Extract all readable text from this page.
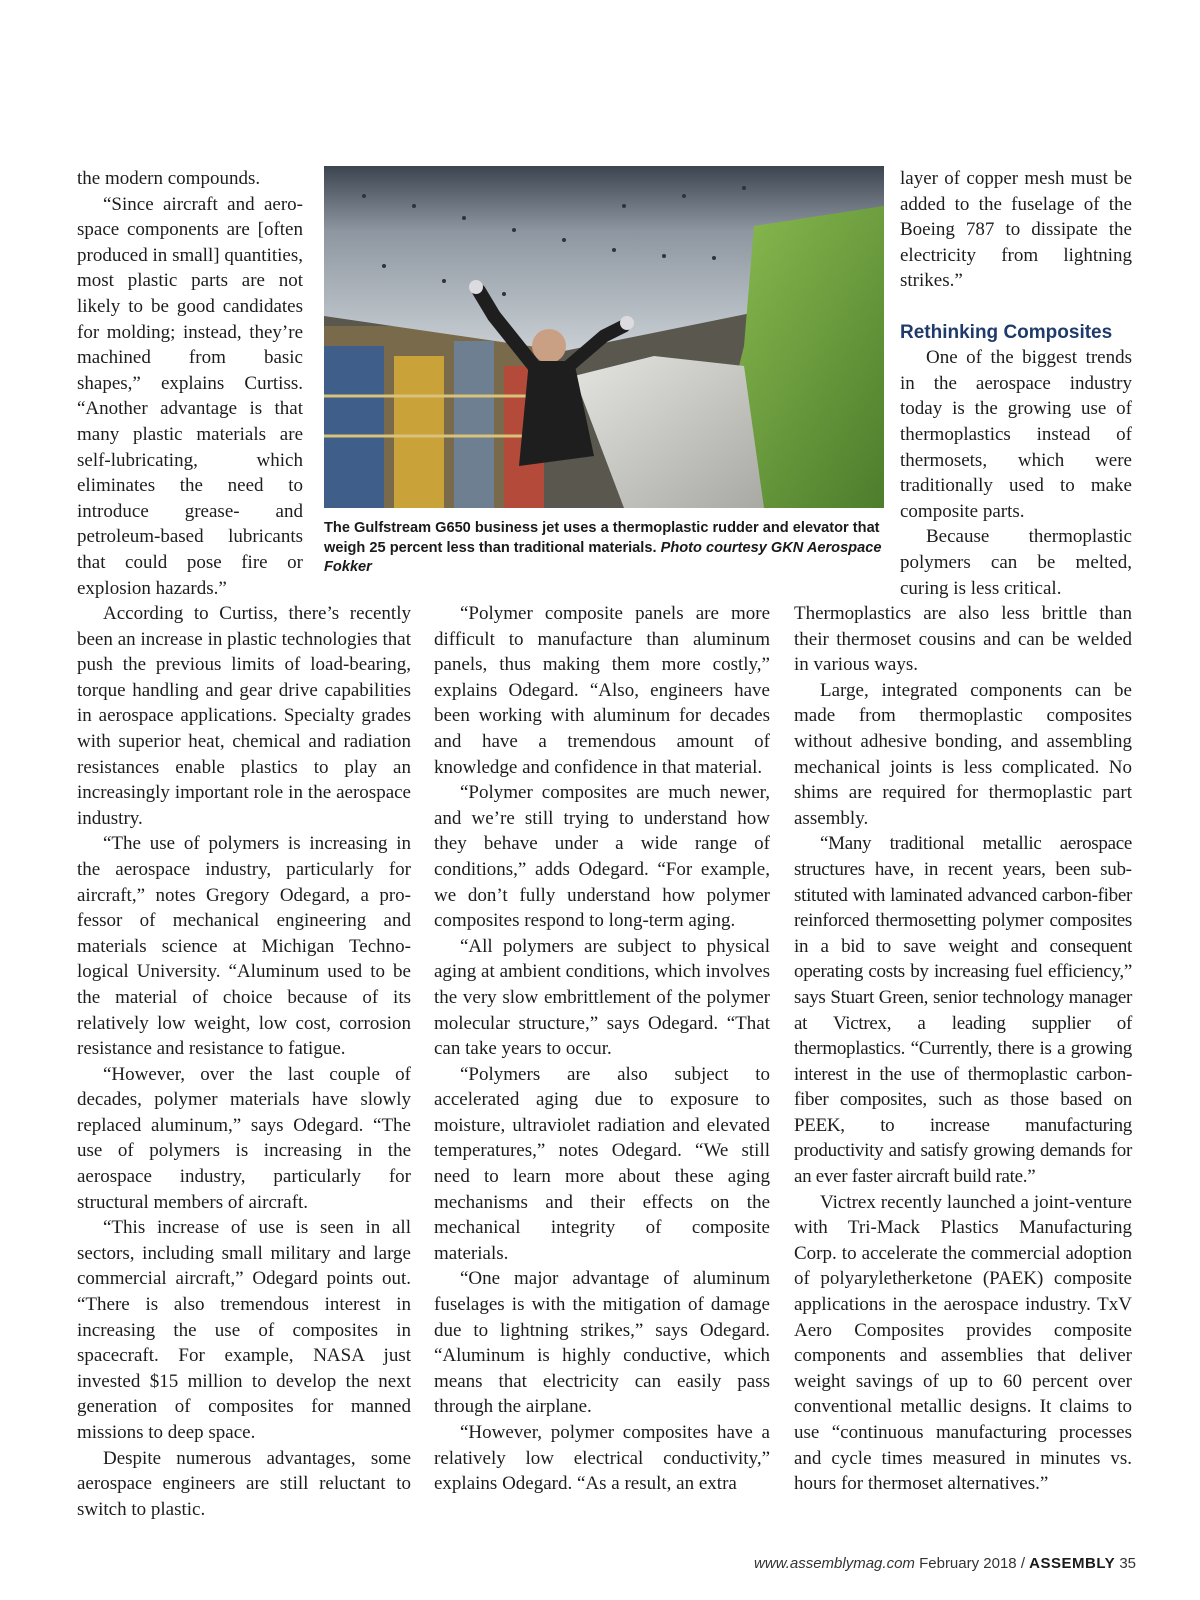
the modern compounds.

“Since aircraft and aerospace components are [often produced in small] quantities, most plastic parts are not likely to be good candidates for molding; instead, they’re machined from basic shapes,” explains Curtiss. “Another advantage is that many plastic materials are self-lubricating, which eliminates the need to introduce grease- and petroleum-based lubricants that could pose fire or explosion hazards.”

According to Curtiss, there’s recently been an increase in plastic technologies that push the previous limits of load-bearing, torque handling and gear drive capabilities in aerospace applications. Specialty grades with superior heat, chemical and radiation resistances enable plastics to play an increasingly important role in the aerospace industry.

“The use of polymers is increasing in the aerospace industry, particularly for aircraft,” notes Gregory Odegard, a professor of mechanical engineering and materials science at Michigan Technological University. “Aluminum used to be the material of choice because of its relatively low weight, low cost, corrosion resistance and resistance to fatigue.

“However, over the last couple of decades, polymer materials have slowly replaced aluminum,” says Odegard. “The use of polymers is increasing in the aerospace industry, particularly for structural members of aircraft.

“This increase of use is seen in all sectors, including small military and large commercial aircraft,” Odegard points out. “There is also tremendous interest in increasing the use of composites in spacecraft. For example, NASA just invested $15 million to develop the next generation of composites for manned missions to deep space.

Despite numerous advantages, some aerospace engineers are still reluctant to switch to plastic.

The Gulfstream G650 business jet uses a thermoplastic rudder and elevator that weigh 25 percent less than traditional materials. Photo courtesy GKN Aerospace Fokker

“Polymer composite panels are more difficult to manufacture than aluminum panels, thus making them more costly,” explains Odegard. “Also, engineers have been working with aluminum for decades and have a tremendous amount of knowledge and confidence in that material.

“Polymer composites are much newer, and we’re still trying to understand how they behave under a wide range of conditions,” adds Odegard. “For example, we don’t fully understand how polymer composites respond to long-term aging.

“All polymers are subject to physical aging at ambient conditions, which involves the very slow embrittlement of the polymer molecular structure,” says Odegard. “That can take years to occur.

“Polymers are also subject to accelerated aging due to exposure to moisture, ultraviolet radiation and elevated temperatures,” notes Odegard. “We still need to learn more about these aging mechanisms and their effects on the mechanical integrity of composite materials.

“One major advantage of aluminum fuselages is with the mitigation of damage due to lightning strikes,” says Odegard. “Aluminum is highly conductive, which means that electricity can easily pass through the airplane.

“However, polymer composites have a relatively low electrical conductivity,” explains Odegard. “As a result, an extra

layer of copper mesh must be added to the fuselage of the Boeing 787 to dissipate the electricity from lightning strikes.”

Rethinking Composites

One of the biggest trends in the aerospace industry today is the growing use of thermoplastics instead of thermosets, which were traditionally used to make composite parts.

Because thermoplastic polymers can be melted, curing is less critical.

Thermoplastics are also less brittle than their thermoset cousins and can be welded in various ways.

Large, integrated components can be made from thermoplastic composites without adhesive bonding, and assembling mechanical joints is less complicated. No shims are required for thermoplastic part assembly.

“Many traditional metallic aerospace structures have, in recent years, been substituted with laminated advanced carbon-fiber reinforced thermosetting polymer composites in a bid to save weight and consequent operating costs by increasing fuel efficiency,” says Stuart Green, senior technology manager at Victrex, a leading supplier of thermoplastics. “Currently, there is a growing interest in the use of thermoplastic carbon-fiber composites, such as those based on PEEK, to increase manufacturing productivity and satisfy growing demands for an ever faster aircraft build rate.”

Victrex recently launched a joint-venture with Tri-Mack Plastics Manufacturing Corp. to accelerate the commercial adoption of polyaryletherketone (PAEK) composite applications in the aerospace industry. TxV Aero Composites provides composite components and assemblies that deliver weight savings of up to 60 percent over conventional metallic designs. It claims to use “continuous manufacturing processes and cycle times measured in minutes vs. hours for thermoset alternatives.”

www.assemblymag.com February 2018 / ASSEMBLY 35
